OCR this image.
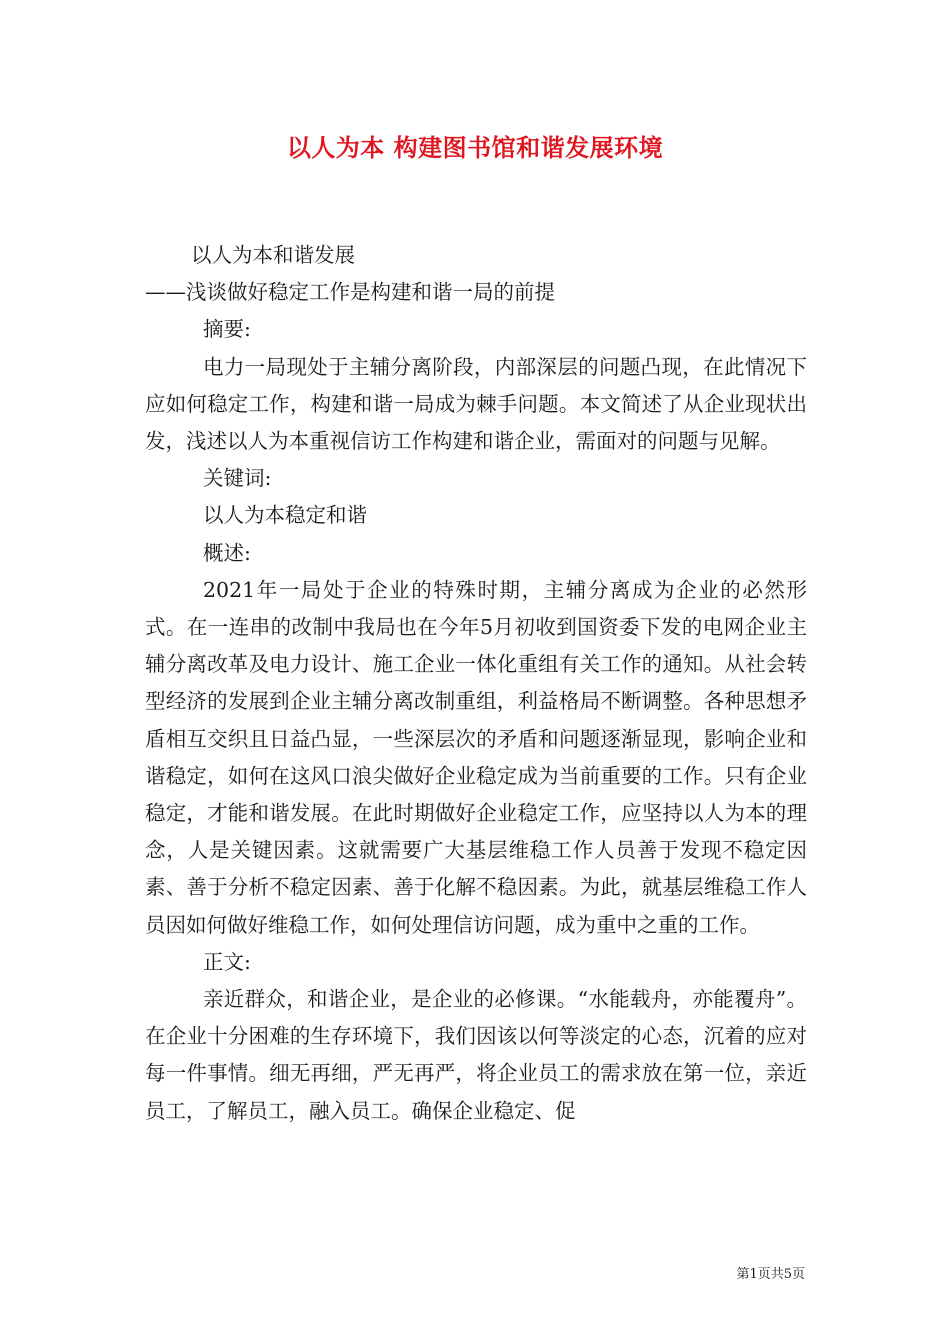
以人为本 构建图书馆和谐发展环境

以人为本和谐发展

——浅谈做好稳定工作是构建和谐一局的前提

摘要:

电力一局现处于主辅分离阶段，内部深层的问题凸现，在此情况下应如何稳定工作，构建和谐一局成为棘手问题。本文简述了从企业现状出发，浅述以人为本重视信访工作构建和谐企业，需面对的问题与见解。

关键词:

以人为本稳定和谐

概述:

2021年一局处于企业的特殊时期，主辅分离成为企业的必然形式。在一连串的改制中我局也在今年5月初收到国资委下发的电网企业主辅分离改革及电力设计、施工企业一体化重组有关工作的通知。从社会转型经济的发展到企业主辅分离改制重组，利益格局不断调整。各种思想矛盾相互交织且日益凸显，一些深层次的矛盾和问题逐渐显现，影响企业和谐稳定，如何在这风口浪尖做好企业稳定成为当前重要的工作。只有企业稳定，才能和谐发展。在此时期做好企业稳定工作，应坚持以人为本的理念，人是关键因素。这就需要广大基层维稳工作人员善于发现不稳定因素、善于分析不稳定因素、善于化解不稳因素。为此，就基层维稳工作人员因如何做好维稳工作，如何处理信访问题，成为重中之重的工作。

正文:

亲近群众，和谐企业，是企业的必修课。“水能载舟，亦能覆舟”。在企业十分困难的生存环境下，我们因该以何等淡定的心态，沉着的应对每一件事情。细无再细，严无再严，将企业员工的需求放在第一位，亲近员工，了解员工，融入员工。确保企业稳定、促

第1页共5页
